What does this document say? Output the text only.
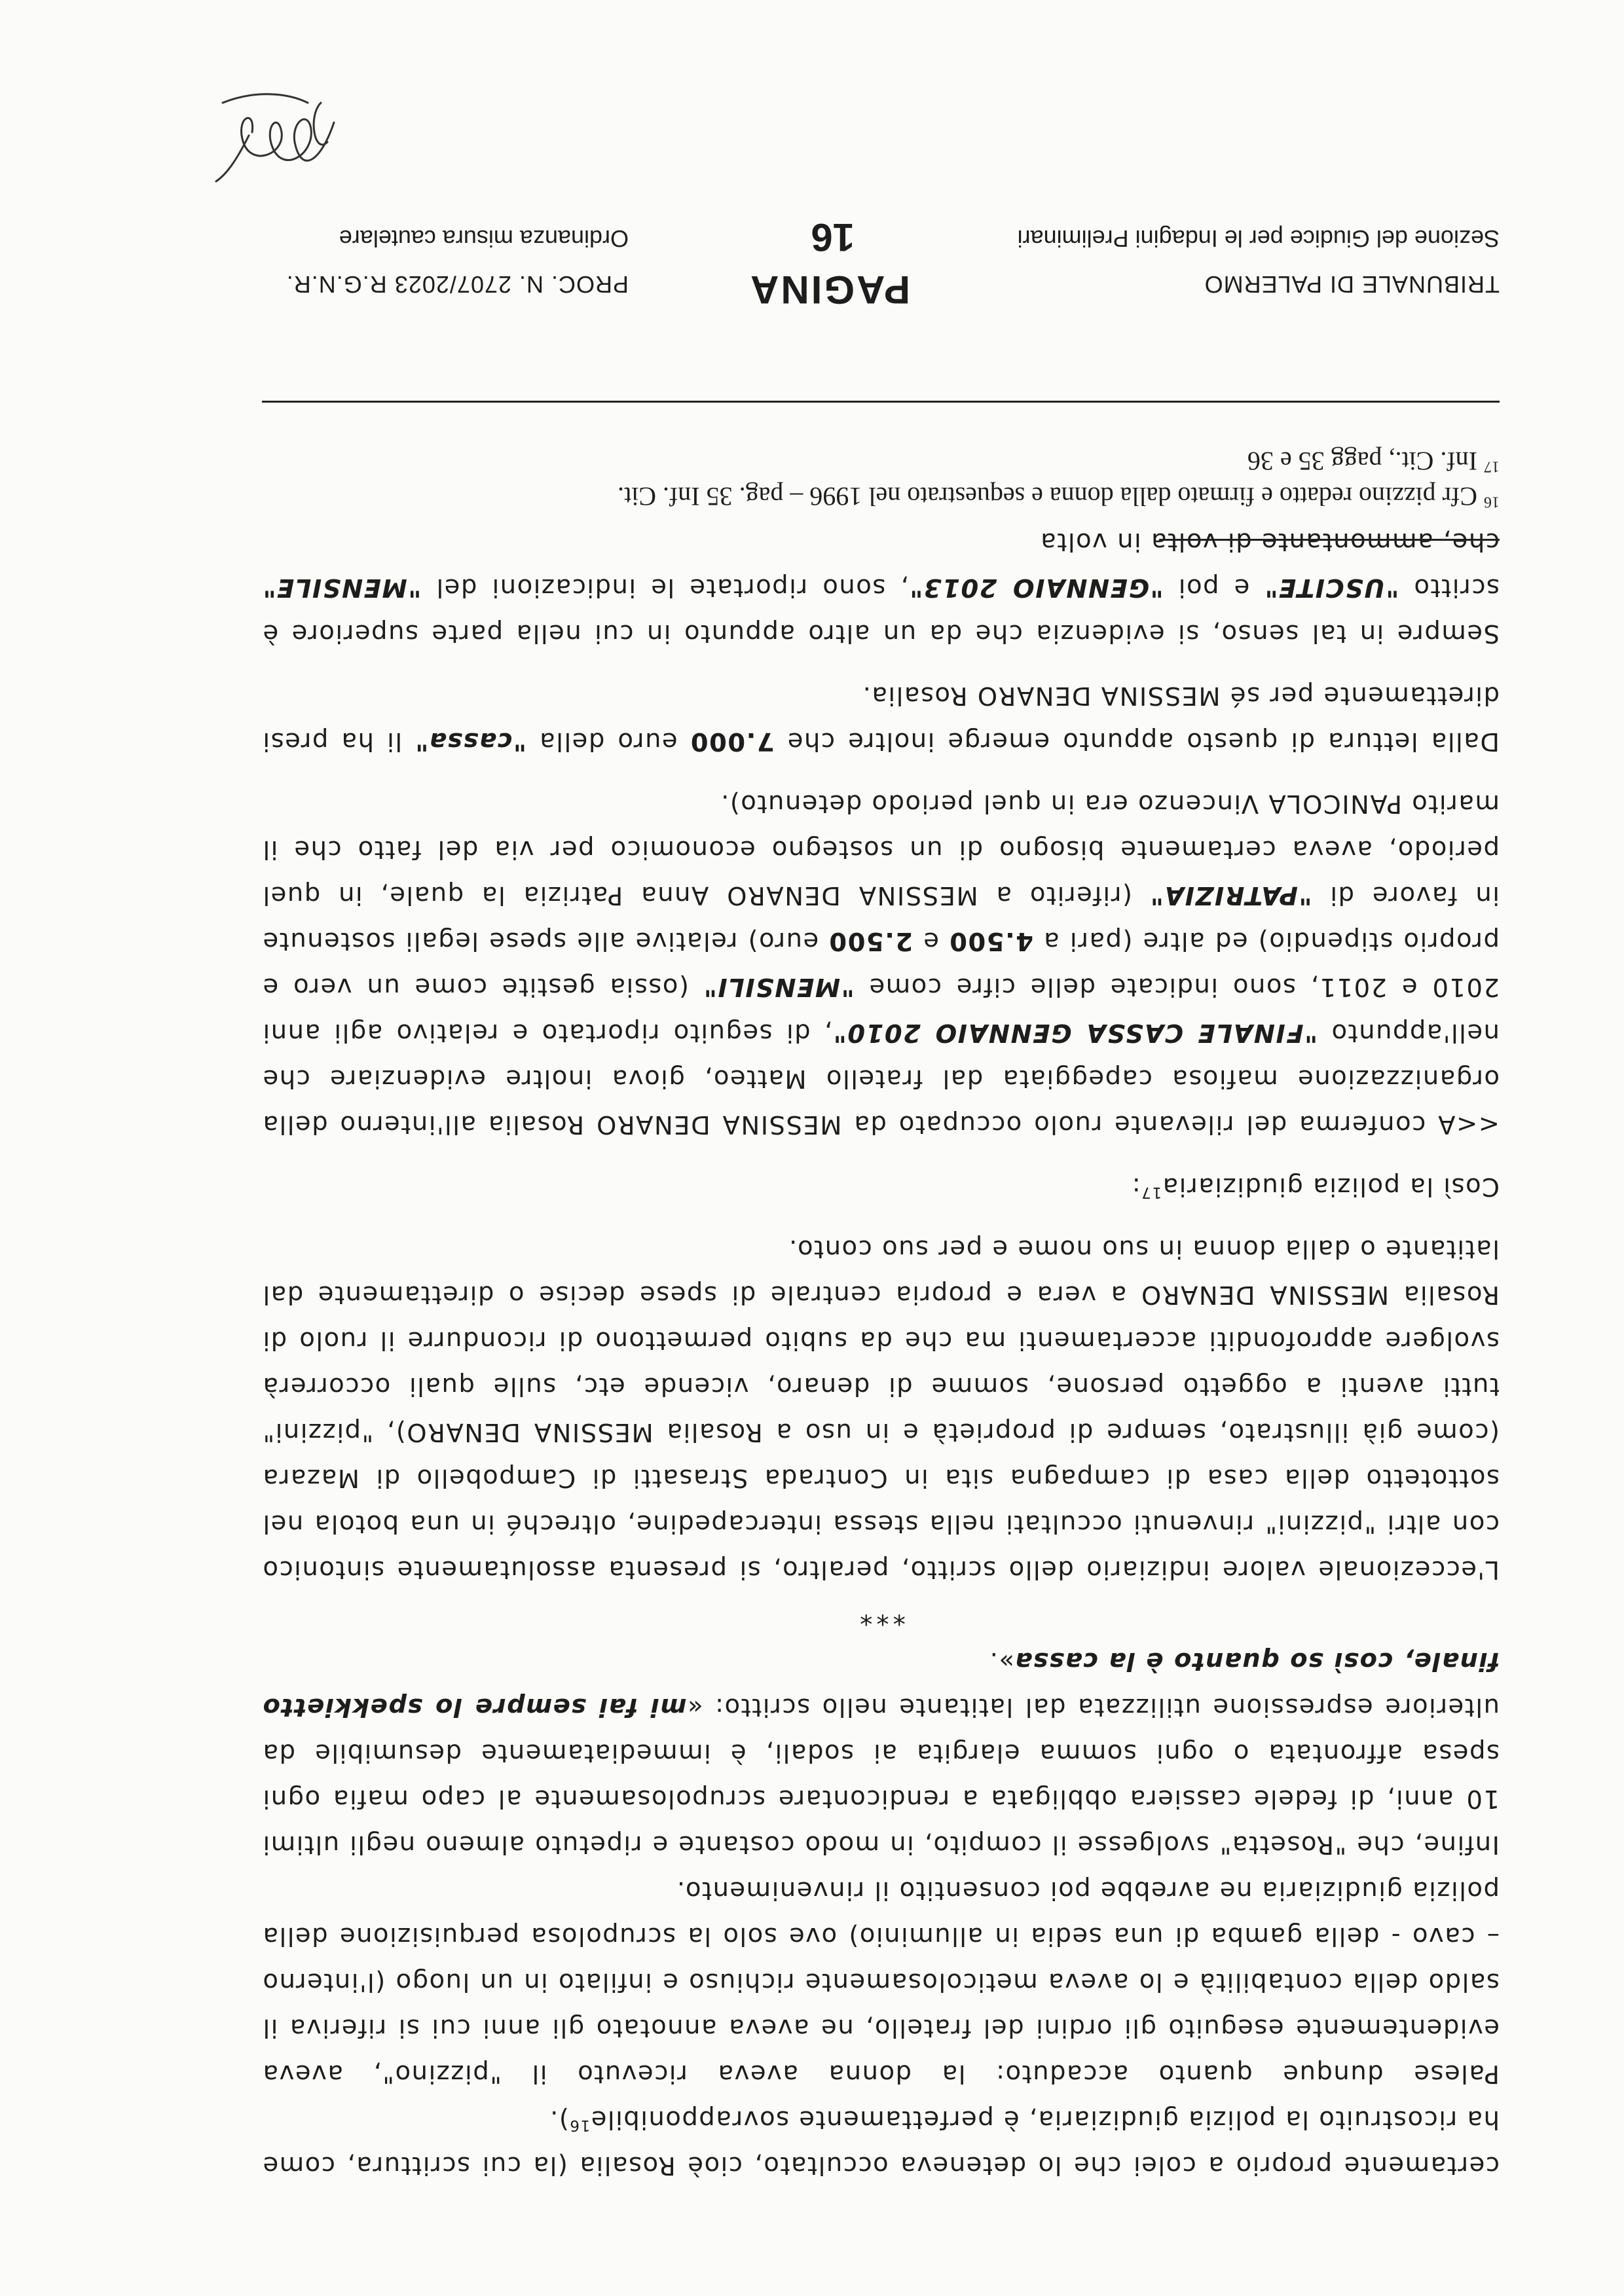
TRIBUNALE DI PALERMO
PAGINA
PROC. N. 2707/2023 R.G.N.R.
Sezione del Giudice per le Indagini Preliminari
16
Ordinanza misura cautelare

certamente proprio a colei che lo deteneva occultato, cioè Rosalia (la cui scrittura, come ha ricostruito la polizia giudiziaria, è perfettamente sovrapponibile$^{16}$).

Palese dunque quanto accaduto: la donna aveva ricevuto il "pizzino", aveva evidentemente eseguito gli ordini del fratello, ne aveva annotato gli anni cui si riferiva il saldo della contabilità e lo aveva meticolosamente richiuso e infilato in un luogo (l'interno – cavo - della gamba di una sedia in alluminio) ove solo la scrupolosa perquisizione della polizia giudiziaria ne avrebbe poi consentito il rinvenimento.

Infine, che "Rosetta" svolgesse il compito, in modo costante e ripetuto almeno negli ultimi 10 anni, di fedele cassiera obbligata a rendicontare scrupolosamente al capo mafia ogni spesa affrontata o ogni somma elargita ai sodali, è immediatamente desumibile da ulteriore espressione utilizzata dal latitante nello scritto: «mi fai sempre lo spekkietto finale, così so quanto è la cassa».

***

L'eccezionale valore indiziario dello scritto, peraltro, si presenta assolutamente sintonico con altri "pizzini" rinvenuti occultati nella stessa intercapedine, oltreché in una botola nel sottotetto della casa di campagna sita in Contrada Strasatti di Campobello di Mazara (come già illustrato, sempre di proprietà e in uso a Rosalia MESSINA DENARO), "pizzini" tutti aventi a oggetto persone, somme di denaro, vicende etc, sulle quali occorrerà svolgere approfonditi accertamenti ma che da subito permettono di ricondurre il ruolo di Rosalia MESSINA DENARO a vera e propria centrale di spese decise o direttamente dal latitante o dalla donna in suo nome e per suo conto.

Così la polizia giudiziaria$^{17}$:

<<A conferma del rilevante ruolo occupato da MESSINA DENARO Rosalia all'interno della organizzazione mafiosa capeggiata dal fratello Matteo, giova inoltre evidenziare che nell'appunto "FINALE CASSA GENNAIO 2010", di seguito riportato e relativo agli anni 2010 e 2011, sono indicate delle cifre come "MENSILI" (ossia gestite come un vero e proprio stipendio) ed altre (pari a 4.500 e 2.500 euro) relative alle spese legali sostenute in favore di "PATRIZIA" (riferito a MESSINA DENARO Anna Patrizia la quale, in quel periodo, aveva certamente bisogno di un sostegno economico per via del fatto che il marito PANICOLA Vincenzo era in quel periodo detenuto).

Dalla lettura di questo appunto emerge inoltre che 7.000 euro della "cassa" li ha presi direttamente per sé MESSINA DENARO Rosalia.

Sempre in tal senso, si evidenzia che da un altro appunto in cui nella parte superiore è scritto "USCITE" e poi "GENNAIO 2013", sono riportate le indicazioni del "MENSILE" che, ammontante di volta in volta

$^{16}$ Cfr pizzino redatto e firmato dalla donna e sequestrato nel 1996 – pag. 35 Inf. Cit.

$^{17}$ Inf. Cit., pagg 35 e 36
